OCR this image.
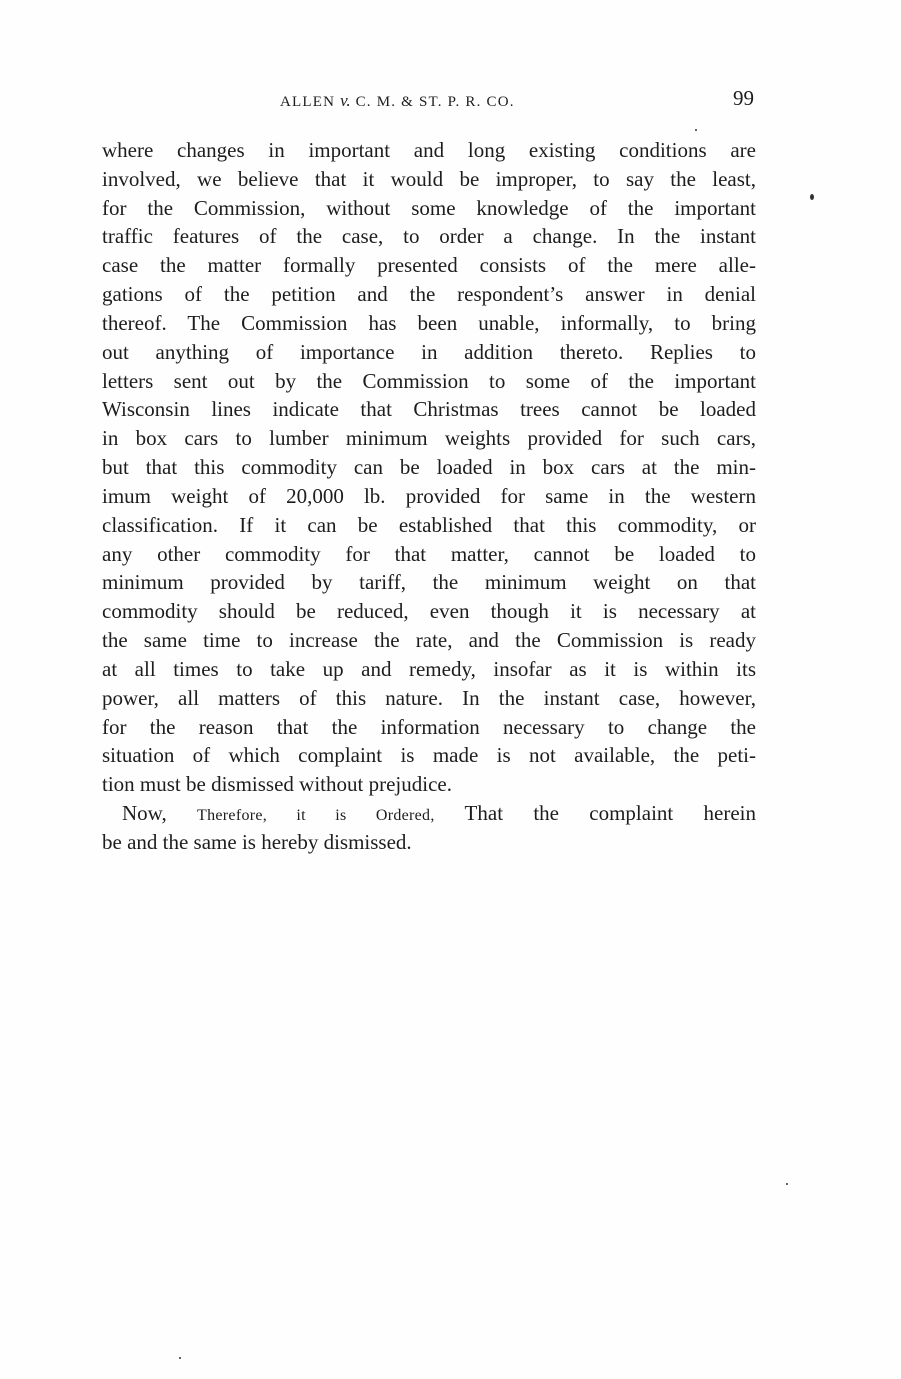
ALLEN v. C. M. & ST. P. R. CO.	99
where changes in important and long existing conditions are
involved, we believe that it would be improper, to say the least,
for the Commission, without some knowledge of the important
traffic features of the case, to order a change. In the instant
case the matter formally presented consists of the mere alle-
gations of the petition and the respondent’s answer in denial
thereof. The Commission has been unable, informally, to bring
out anything of importance in addition thereto. Replies to
letters sent out by the Commission to some of the important
Wisconsin lines indicate that Christmas trees cannot be loaded
in box cars to lumber minimum weights provided for such cars,
but that this commodity can be loaded in box cars at the min-
imum weight of 20,000 lb. provided for same in the western
classification. If it can be established that this commodity, or
any other commodity for that matter, cannot be loaded to
minimum provided by tariff, the minimum weight on that
commodity should be reduced, even though it is necessary at
the same time to increase the rate, and the Commission is ready
at all times to take up and remedy, insofar as it is within its
power, all matters of this nature. In the instant case, however,
for the reason that the information necessary to change the
situation of which complaint is made is not available, the peti-
tion must be dismissed without prejudice.
Now, Therefore, it is Ordered, That the complaint herein
be and the same is hereby dismissed.
